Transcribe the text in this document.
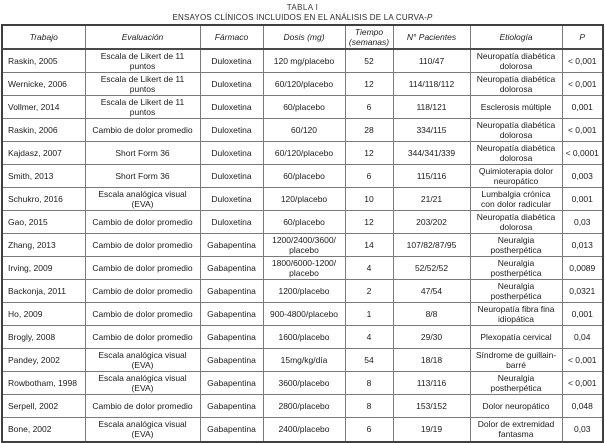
TABLA I
ENSAYOS CLÍNICOS INCLUIDOS EN EL ANÁLISIS DE LA CURVA-P
Trabajo	Evaluación	Fármaco	Dosis (mg)	Tiempo (semanas)	N° Pacientes	Etiología	P
Raskin, 2005	Escala de Likert de 11 puntos	Duloxetina	120 mg/placebo	52	110/47	Neuropatía diabética dolorosa	< 0,001
Wernicke, 2006	Escala de Likert de 11 puntos	Duloxetina	60/120/placebo	12	114/118/112	Neuropatía diabética dolorosa	< 0,001
Vollmer, 2014	Escala de Likert de 11 puntos	Duloxetina	60/placebo	6	118/121	Esclerosis múltiple	0,001
Raskin, 2006	Cambio de dolor promedio	Duloxetina	60/120	28	334/115	Neuropatía diabética dolorosa	< 0,001
Kajdasz, 2007	Short Form 36	Duloxetina	60/120/placebo	12	344/341/339	Neuropatía diabética dolorosa	< 0,0001
Smith, 2013	Short Form 36	Duloxetina	60/placebo	6	115/116	Quimioterapia dolor neuropático	0,003
Schukro, 2016	Escala analógica visual (EVA)	Duloxetina	120/placebo	10	21/21	Lumbalgia crónica con dolor radicular	0,001
Gao, 2015	Cambio de dolor promedio	Duloxetina	60/placebo	12	203/202	Neuropatía diabética dolorosa	0,03
Zhang, 2013	Cambio de dolor promedio	Gabapentina	1200/2400/3600/ placebo	14	107/82/87/95	Neuralgia postherpética	0,013
Irving, 2009	Cambio de dolor promedio	Gabapentina	1800/6000-1200/ placebo	4	52/52/52	Neuralgia postherpética	0,0089
Backonja, 2011	Cambio de dolor promedio	Gabapentina	1200/placebo	2	47/54	Neuralgia postherpética	0,0321
Ho, 2009	Cambio de dolor promedio	Gabapentina	900-4800/placebo	1	8/8	Neuropatía fibra fina idiopática	0,001
Brogly, 2008	Cambio de dolor promedio	Gabapentina	1600/placebo	4	29/30	Plexopatía cervical	0,04
Pandey, 2002	Escala analógica visual (EVA)	Gabapentina	15mg/kg/día	54	18/18	Síndrome de guillain-barré	< 0,001
Rowbotham, 1998	Escala analógica visual (EVA)	Gabapentina	3600/placebo	8	113/116	Neuralgia postherpética	< 0,001
Serpell, 2002	Cambio de dolor promedio	Gabapentina	2800/placebo	8	153/152	Dolor neuropático	0,048
Bone, 2002	Escala analógica visual (EVA)	Gabapentina	2400/placebo	6	19/19	Dolor de extremidad fantasma	0,03
